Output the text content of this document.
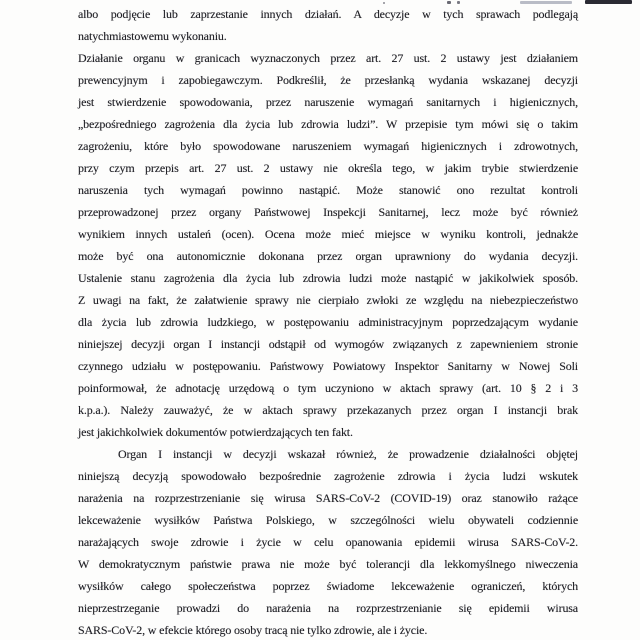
albo podjęcie lub zaprzestanie innych działań. A decyzje w tych sprawach podlegają
natychmiastowemu wykonaniu.
Działanie organu w granicach wyznaczonych przez art. 27 ust. 2 ustawy jest działaniem
prewencyjnym i zapobiegawczym. Podkreślił, że przesłanką wydania wskazanej decyzji
jest stwierdzenie spowodowania, przez naruszenie wymagań sanitarnych i higienicznych,
„bezpośredniego zagrożenia dla życia lub zdrowia ludzi”. W przepisie tym mówi się o takim
zagrożeniu, które było spowodowane naruszeniem wymagań higienicznych i zdrowotnych,
przy czym przepis art. 27 ust. 2 ustawy nie określa tego, w jakim trybie stwierdzenie
naruszenia tych wymagań powinno nastąpić. Może stanowić ono rezultat kontroli
przeprowadzonej przez organy Państwowej Inspekcji Sanitarnej, lecz może być również
wynikiem innych ustaleń (ocen). Ocena może mieć miejsce w wyniku kontroli, jednakże
może być ona autonomicznie dokonana przez organ uprawniony do wydania decyzji.
Ustalenie stanu zagrożenia dla życia lub zdrowia ludzi może nastąpić w jakikolwiek sposób.
Z uwagi na fakt, że załatwienie sprawy nie cierpiało zwłoki ze względu na niebezpieczeństwo
dla życia lub zdrowia ludzkiego, w postępowaniu administracyjnym poprzedzającym wydanie
niniejszej decyzji organ I instancji odstąpił od wymogów związanych z zapewnieniem stronie
czynnego udziału w postępowaniu. Państwowy Powiatowy Inspektor Sanitarny w Nowej Soli
poinformował, że adnotację urzędową o tym uczyniono w aktach sprawy (art. 10 § 2 i 3
k.p.a.). Należy zauważyć, że w aktach sprawy przekazanych przez organ I instancji brak
jest jakichkolwiek dokumentów potwierdzających ten fakt.
Organ I instancji w decyzji wskazał również, że prowadzenie działalności objętej
niniejszą decyzją spowodowało bezpośrednie zagrożenie zdrowia i życia ludzi wskutek
narażenia na rozprzestrzenianie się wirusa SARS-CoV-2 (COVID-19) oraz stanowiło rażące
lekceważenie wysiłków Państwa Polskiego, w szczególności wielu obywateli codziennie
narażających swoje zdrowie i życie w celu opanowania epidemii wirusa SARS-CoV-2.
W demokratycznym państwie prawa nie może być tolerancji dla lekkomyślnego niweczenia
wysiłków całego społeczeństwa poprzez świadome lekceważenie ograniczeń, których
nieprzestrzeganie prowadzi do narażenia na rozprzestrzenianie się epidemii wirusa
SARS-CoV-2, w efekcie którego osoby tracą nie tylko zdrowie, ale i życie.
